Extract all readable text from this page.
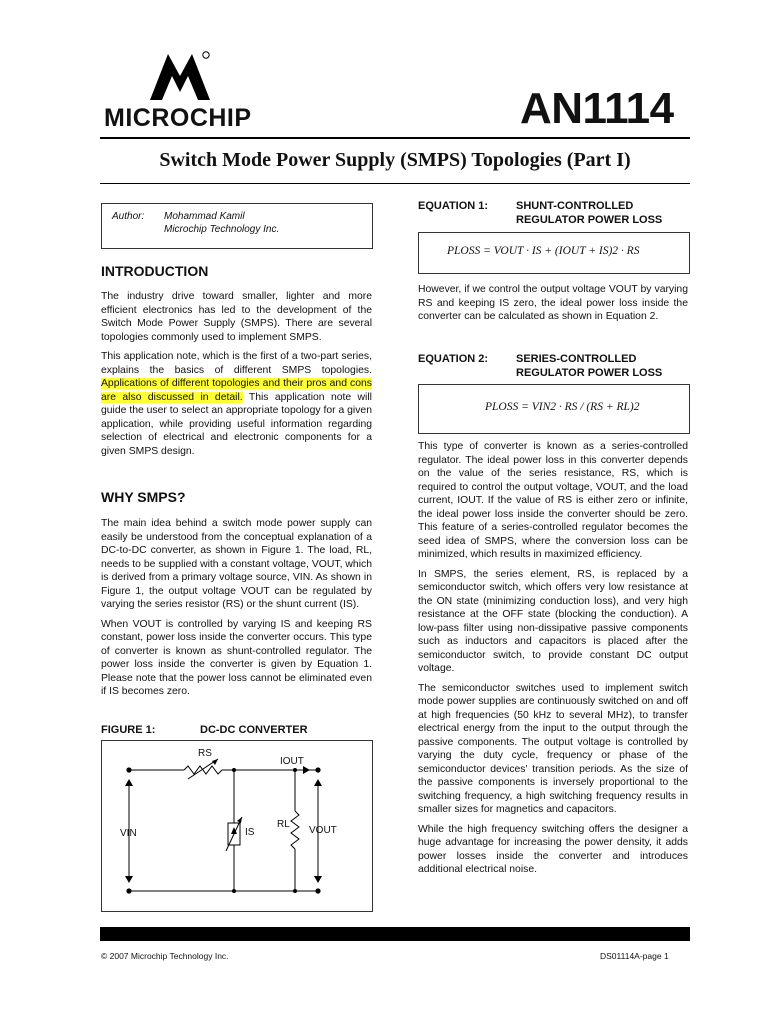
MICROCHIP	AN1114
Switch Mode Power Supply (SMPS) Topologies (Part I)
Author: Mohammad Kamil
Microchip Technology Inc.
INTRODUCTION

The industry drive toward smaller, lighter and more efficient electronics has led to the development of the Switch Mode Power Supply (SMPS). There are several topologies commonly used to implement SMPS.

This application note, which is the first of a two-part series, explains the basics of different SMPS topologies. Applications of different topologies and their pros and cons are also discussed in detail. This application note will guide the user to select an appropriate topology for a given application, while providing useful information regarding selection of electrical and electronic components for a given SMPS design.

WHY SMPS?

The main idea behind a switch mode power supply can easily be understood from the conceptual explanation of a DC-to-DC converter, as shown in Figure 1. The load, RL, needs to be supplied with a constant voltage, VOUT, which is derived from a primary voltage source, VIN. As shown in Figure 1, the output voltage VOUT can be regulated by varying the series resistor (RS) or the shunt current (IS).

When VOUT is controlled by varying IS and keeping RS constant, power loss inside the converter occurs. This type of converter is known as shunt-controlled regulator. The power loss inside the converter is given by Equation 1. Please note that the power loss cannot be eliminated even if IS becomes zero.

FIGURE 1:	DC-DC CONVERTER
RS
IOUT
VIN	IS
RL
VOUT
EQUATION 1:	SHUNT-CONTROLLED
REGULATOR POWER LOSS
PLOSS = VOUT · IS + (IOUT + IS)2 · RS
However, if we control the output voltage VOUT by varying RS and keeping IS zero, the ideal power loss inside the converter can be calculated as shown in Equation 2.
EQUATION 2:	SERIES-CONTROLLED
REGULATOR POWER LOSS
PLOSS = VIN2 · RS / (RS + RL)2

This type of converter is known as a series-controlled regulator. The ideal power loss in this converter depends on the value of the series resistance, RS, which is required to control the output voltage, VOUT, and the load current, IOUT. If the value of RS is either zero or infinite, the ideal power loss inside the converter should be zero. This feature of a series-controlled regulator becomes the seed idea of SMPS, where the conversion loss can be minimized, which results in maximized efficiency.

In SMPS, the series element, RS, is replaced by a semiconductor switch, which offers very low resistance at the ON state (minimizing conduction loss), and very high resistance at the OFF state (blocking the conduction). A low-pass filter using non-dissipative passive components such as inductors and capacitors is placed after the semiconductor switch, to provide constant DC output voltage.

The semiconductor switches used to implement switch mode power supplies are continuously switched on and off at high frequencies (50 kHz to several MHz), to transfer electrical energy from the input to the output through the passive components. The output voltage is controlled by varying the duty cycle, frequency or phase of the semiconductor devices' transition periods. As the size of the passive components is inversely proportional to the switching frequency, a high switching frequency results in smaller sizes for magnetics and capacitors.

While the high frequency switching offers the designer a huge advantage for increasing the power density, it adds power losses inside the converter and introduces additional electrical noise.

© 2007 Microchip Technology Inc.	DS01114A-page 1
